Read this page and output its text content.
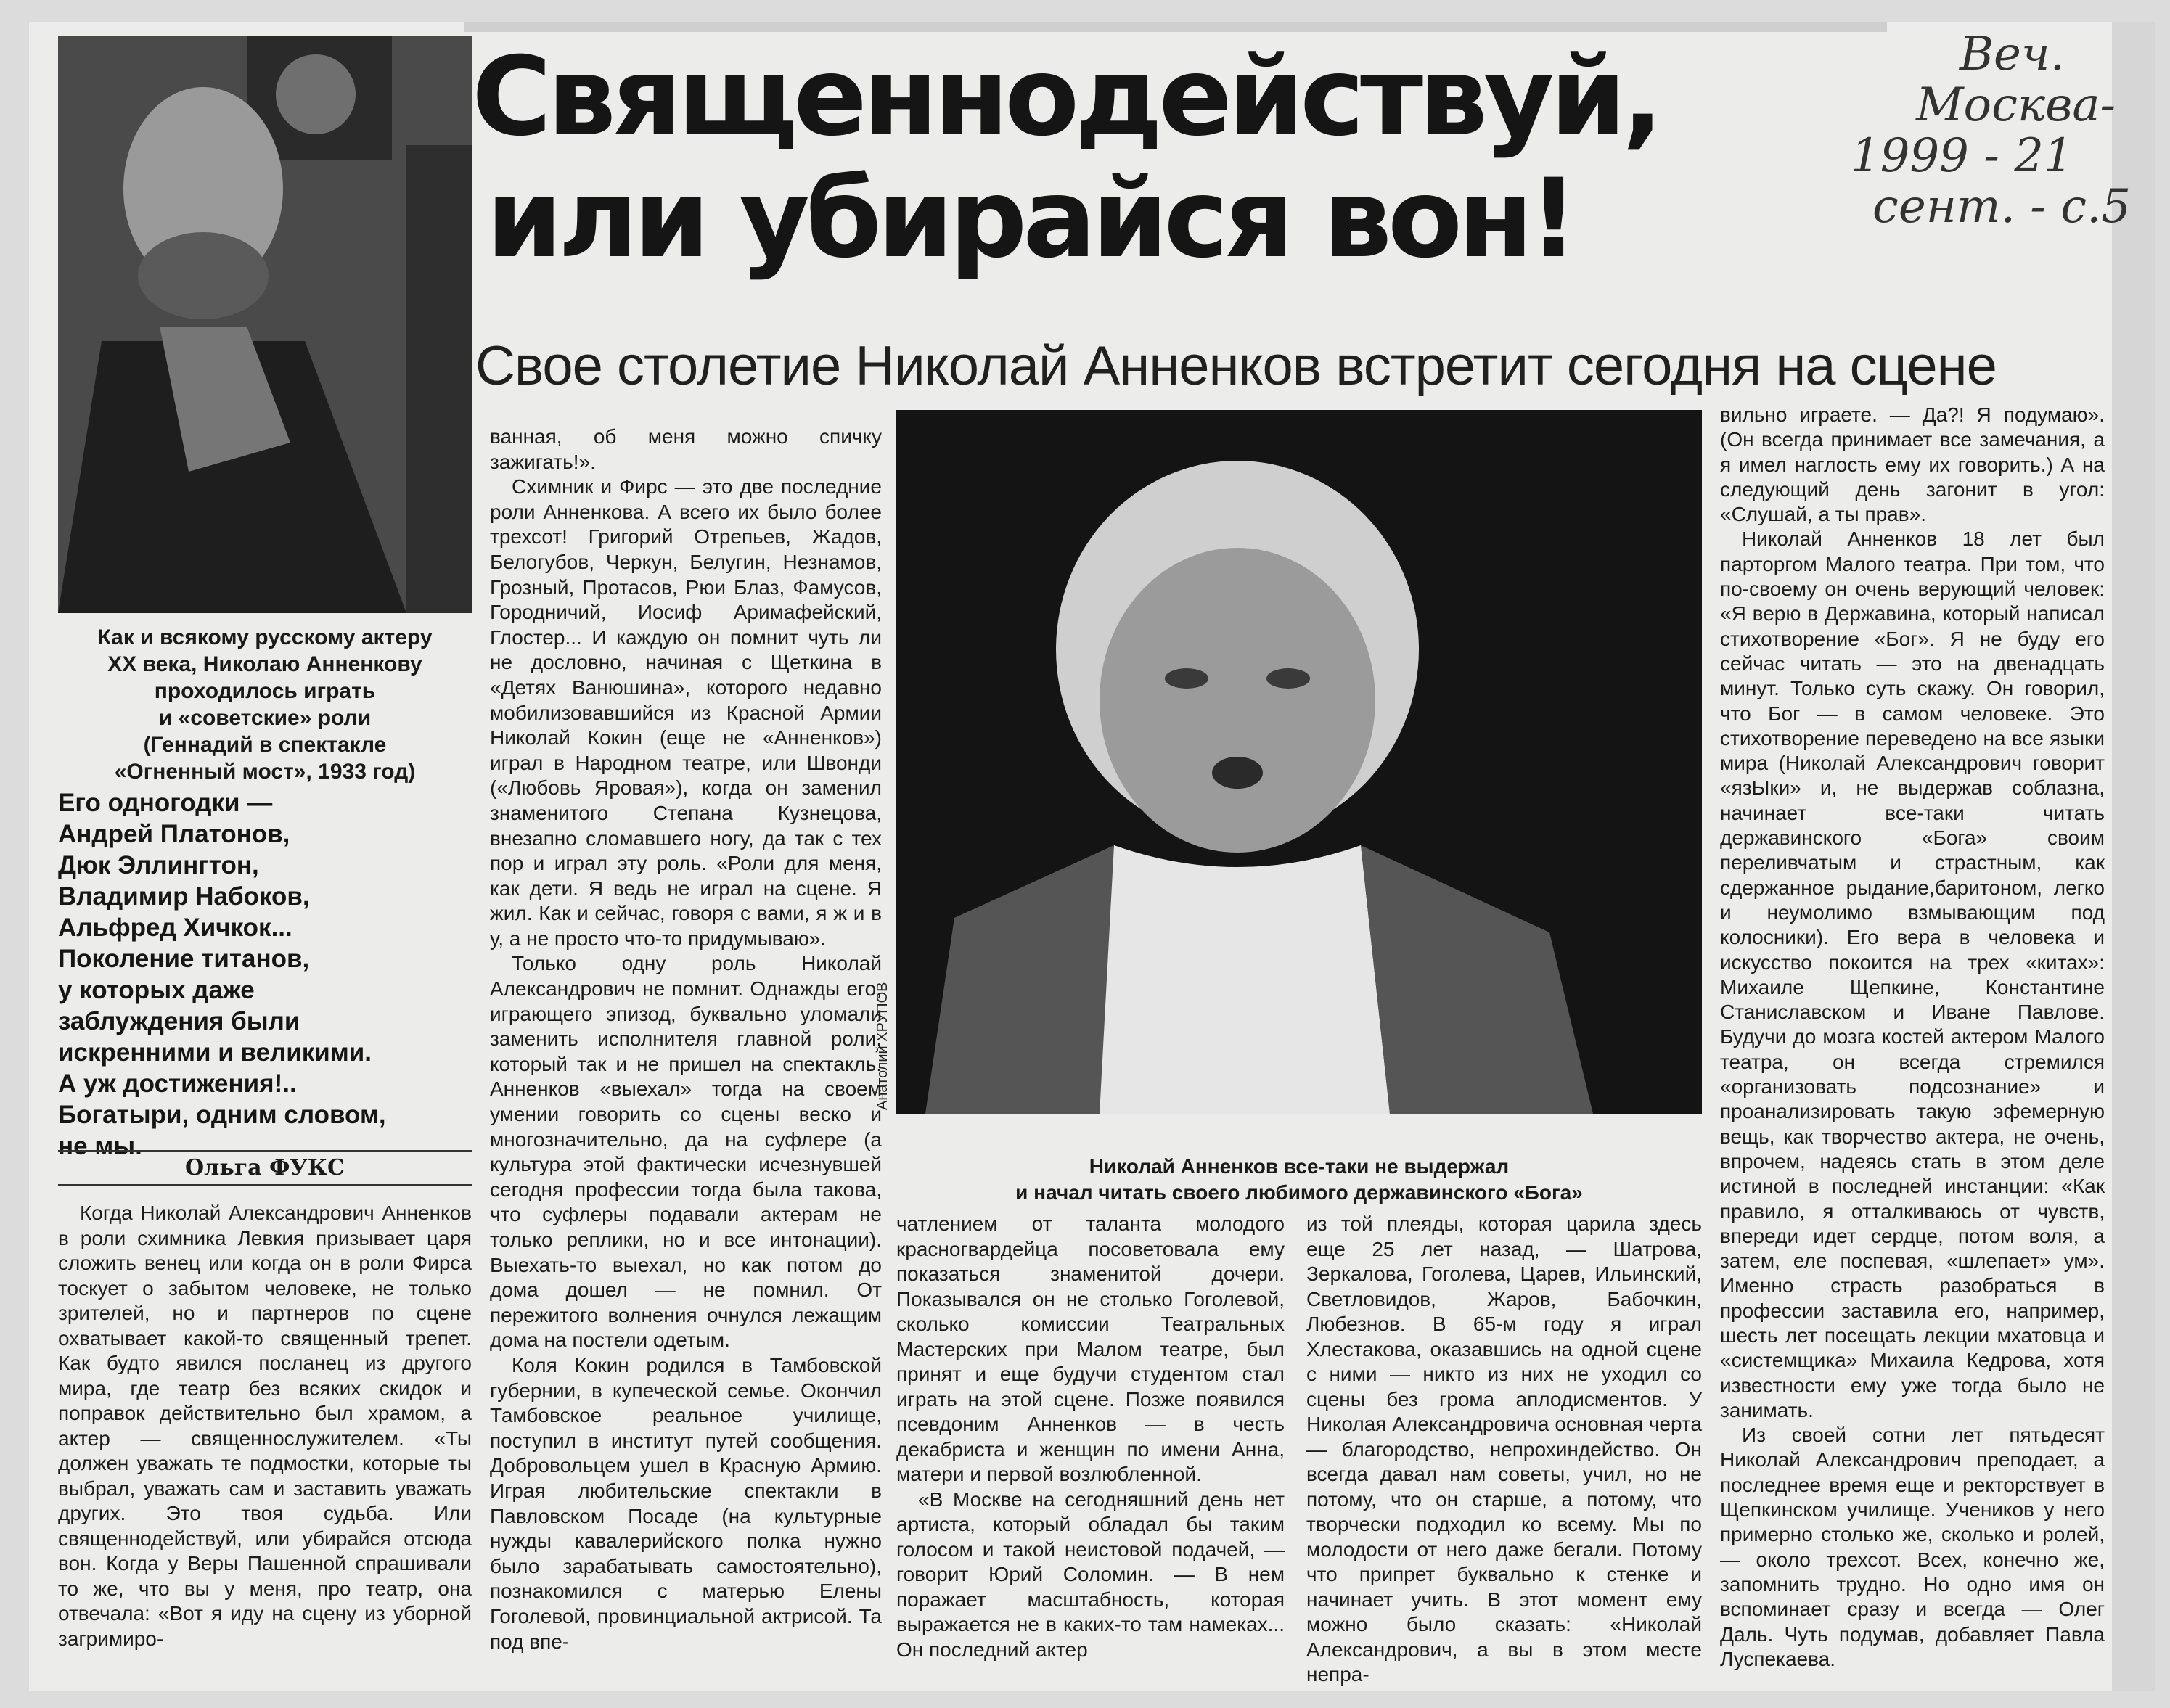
Священнодействуй,
или убирайся вон!
Веч.
Москва-
1999 - 21
сент. - с.5
Свое столетие Николай Анненков встретит сегодня на сцене
Как и всякому русскому актеру
XX века, Николаю Анненкову
проходилось играть
и «советские» роли
(Геннадий в спектакле
«Огненный мост», 1933 год)
Его одногодки —
Андрей Платонов,
Дюк Эллингтон,
Владимир Набоков,
Альфред Хичкок...
Поколение титанов,
у которых даже
заблуждения были
искренними и великими.
А уж достижения!..
Богатыри, одним словом,
не мы.
Ольга ФУКС

Когда Николай Александрович Анненков в роли схимника Левкия призывает царя сложить венец или когда он в роли Фирса тоскует о забытом человеке, не только зрителей, но и партнеров по сцене охватывает какой-то священный трепет. Как будто явился посланец из другого мира, где театр без всяких скидок и поправок действительно был храмом, а актер — священнослужителем. «Ты должен уважать те подмостки, которые ты выбрал, уважать сам и заставить уважать других. Это твоя судьба. Или священнодействуй, или убирайся отсюда вон. Когда у Веры Пашенной спрашивали то же, что вы у меня, про театр, она отвечала: «Вот я иду на сцену из уборной загримиро-

ванная, об меня можно спичку зажигать!».

Схимник и Фирс — это две последние роли Анненкова. А всего их было более трехсот! Григорий Отрепьев, Жадов, Белогубов, Черкун, Белугин, Незнамов, Грозный, Протасов, Рюи Блаз, Фамусов, Городничий, Иосиф Аримафейский, Глостер... И каждую он помнит чуть ли не дословно, начиная с Щеткина в «Детях Ванюшина», которого недавно мобилизовавшийся из Красной Армии Николай Кокин (еще не «Анненков») играл в Народном театре, или Швонди («Любовь Яровая»), когда он заменил знаменитого Степана Кузнецова, внезапно сломавшего ногу, да так с тех пор и играл эту роль. «Роли для меня, как дети. Я ведь не играл на сцене. Я жил. Как и сейчас, говоря с вами, я ж и в у, а не просто что-то придумываю».

Только одну роль Николай Александрович не помнит. Однажды его, играющего эпизод, буквально уломали заменить исполнителя главной роли, который так и не пришел на спектакль. Анненков «выехал» тогда на своем умении говорить со сцены веско и многозначительно, да на суфлере (а культура этой фактически исчезнувшей сегодня профессии тогда была такова, что суфлеры подавали актерам не только реплики, но и все интонации). Выехать-то выехал, но как потом до дома дошел — не помнил. От пережитого волнения очнулся лежащим дома на постели одетым.

Коля Кокин родился в Тамбовской губернии, в купеческой семье. Окончил Тамбовское реальное училище, поступил в институт путей сообщения. Добровольцем ушел в Красную Армию. Играя любительские спектакли в Павловском Посаде (на культурные нужды кавалерийского полка нужно было зарабатывать самостоятельно), познакомился с матерью Елены Гоголевой, провинциальной актрисой. Та под впе-

Анатолий ХРУПОВ
Николай Анненков все-таки не выдержал
и начал читать своего любимого державинского «Бога»

чатлением от таланта молодого красногвардейца посоветовала ему показаться знаменитой дочери. Показывался он не столько Гоголевой, сколько комиссии Театральных Мастерских при Малом театре, был принят и еще будучи студентом стал играть на этой сцене. Позже появился псевдоним Анненков — в честь декабриста и женщин по имени Анна, матери и первой возлюбленной.

«В Москве на сегодняшний день нет артиста, который обладал бы таким голосом и такой неистовой подачей, — говорит Юрий Соломин. — В нем поражает масштабность, которая выражается не в каких-то там намеках... Он последний актер

из той плеяды, которая царила здесь еще 25 лет назад, — Шатрова, Зеркалова, Гоголева, Царев, Ильинский, Светловидов, Жаров, Бабочкин, Любезнов. В 65-м году я играл Хлестакова, оказавшись на одной сцене с ними — никто из них не уходил со сцены без грома аплодисментов. У Николая Александровича основная черта — благородство, непрохиндейство. Он всегда давал нам советы, учил, но не потому, что он старше, а потому, что творчески подходил ко всему. Мы по молодости от него даже бегали. Потому что припрет буквально к стенке и начинает учить. В этот момент ему можно было сказать: «Николай Александрович, а вы в этом месте непра-

вильно играете. — Да?! Я подумаю». (Он всегда принимает все замечания, а я имел наглость ему их говорить.) А на следующий день загонит в угол: «Слушай, а ты прав».

Николай Анненков 18 лет был парторгом Малого театра. При том, что по-своему он очень верующий человек: «Я верю в Державина, который написал стихотворение «Бог». Я не буду его сейчас читать — это на двенадцать минут. Только суть скажу. Он говорил, что Бог — в самом человеке. Это стихотворение переведено на все языки мира (Николай Александрович говорит «язЫки» и, не выдержав соблазна, начинает все-таки читать державинского «Бога» своим переливчатым и страстным, как сдержанное рыдание,баритоном, легко и неумолимо взмывающим под колосники). Его вера в человека и искусство покоится на трех «китах»: Михаиле Щепкине, Константине Станиславском и Иване Павлове. Будучи до мозга костей актером Малого театра, он всегда стремился «организовать подсознание» и проанализировать такую эфемерную вещь, как творчество актера, не очень, впрочем, надеясь стать в этом деле истиной в последней инстанции: «Как правило, я отталкиваюсь от чувств, впереди идет сердце, потом воля, а затем, еле поспевая, «шлепает» ум». Именно страсть разобраться в профессии заставила его, например, шесть лет посещать лекции мхатовца и «системщика» Михаила Кедрова, хотя известности ему уже тогда было не занимать.

Из своей сотни лет пятьдесят Николай Александрович преподает, а последнее время еще и ректорствует в Щепкинском училище. Учеников у него примерно столько же, сколько и ролей, — около трехсот. Всех, конечно же, запомнить трудно. Но одно имя он вспоминает сразу и всегда — Олег Даль. Чуть подумав, добавляет Павла Луспекаева.
